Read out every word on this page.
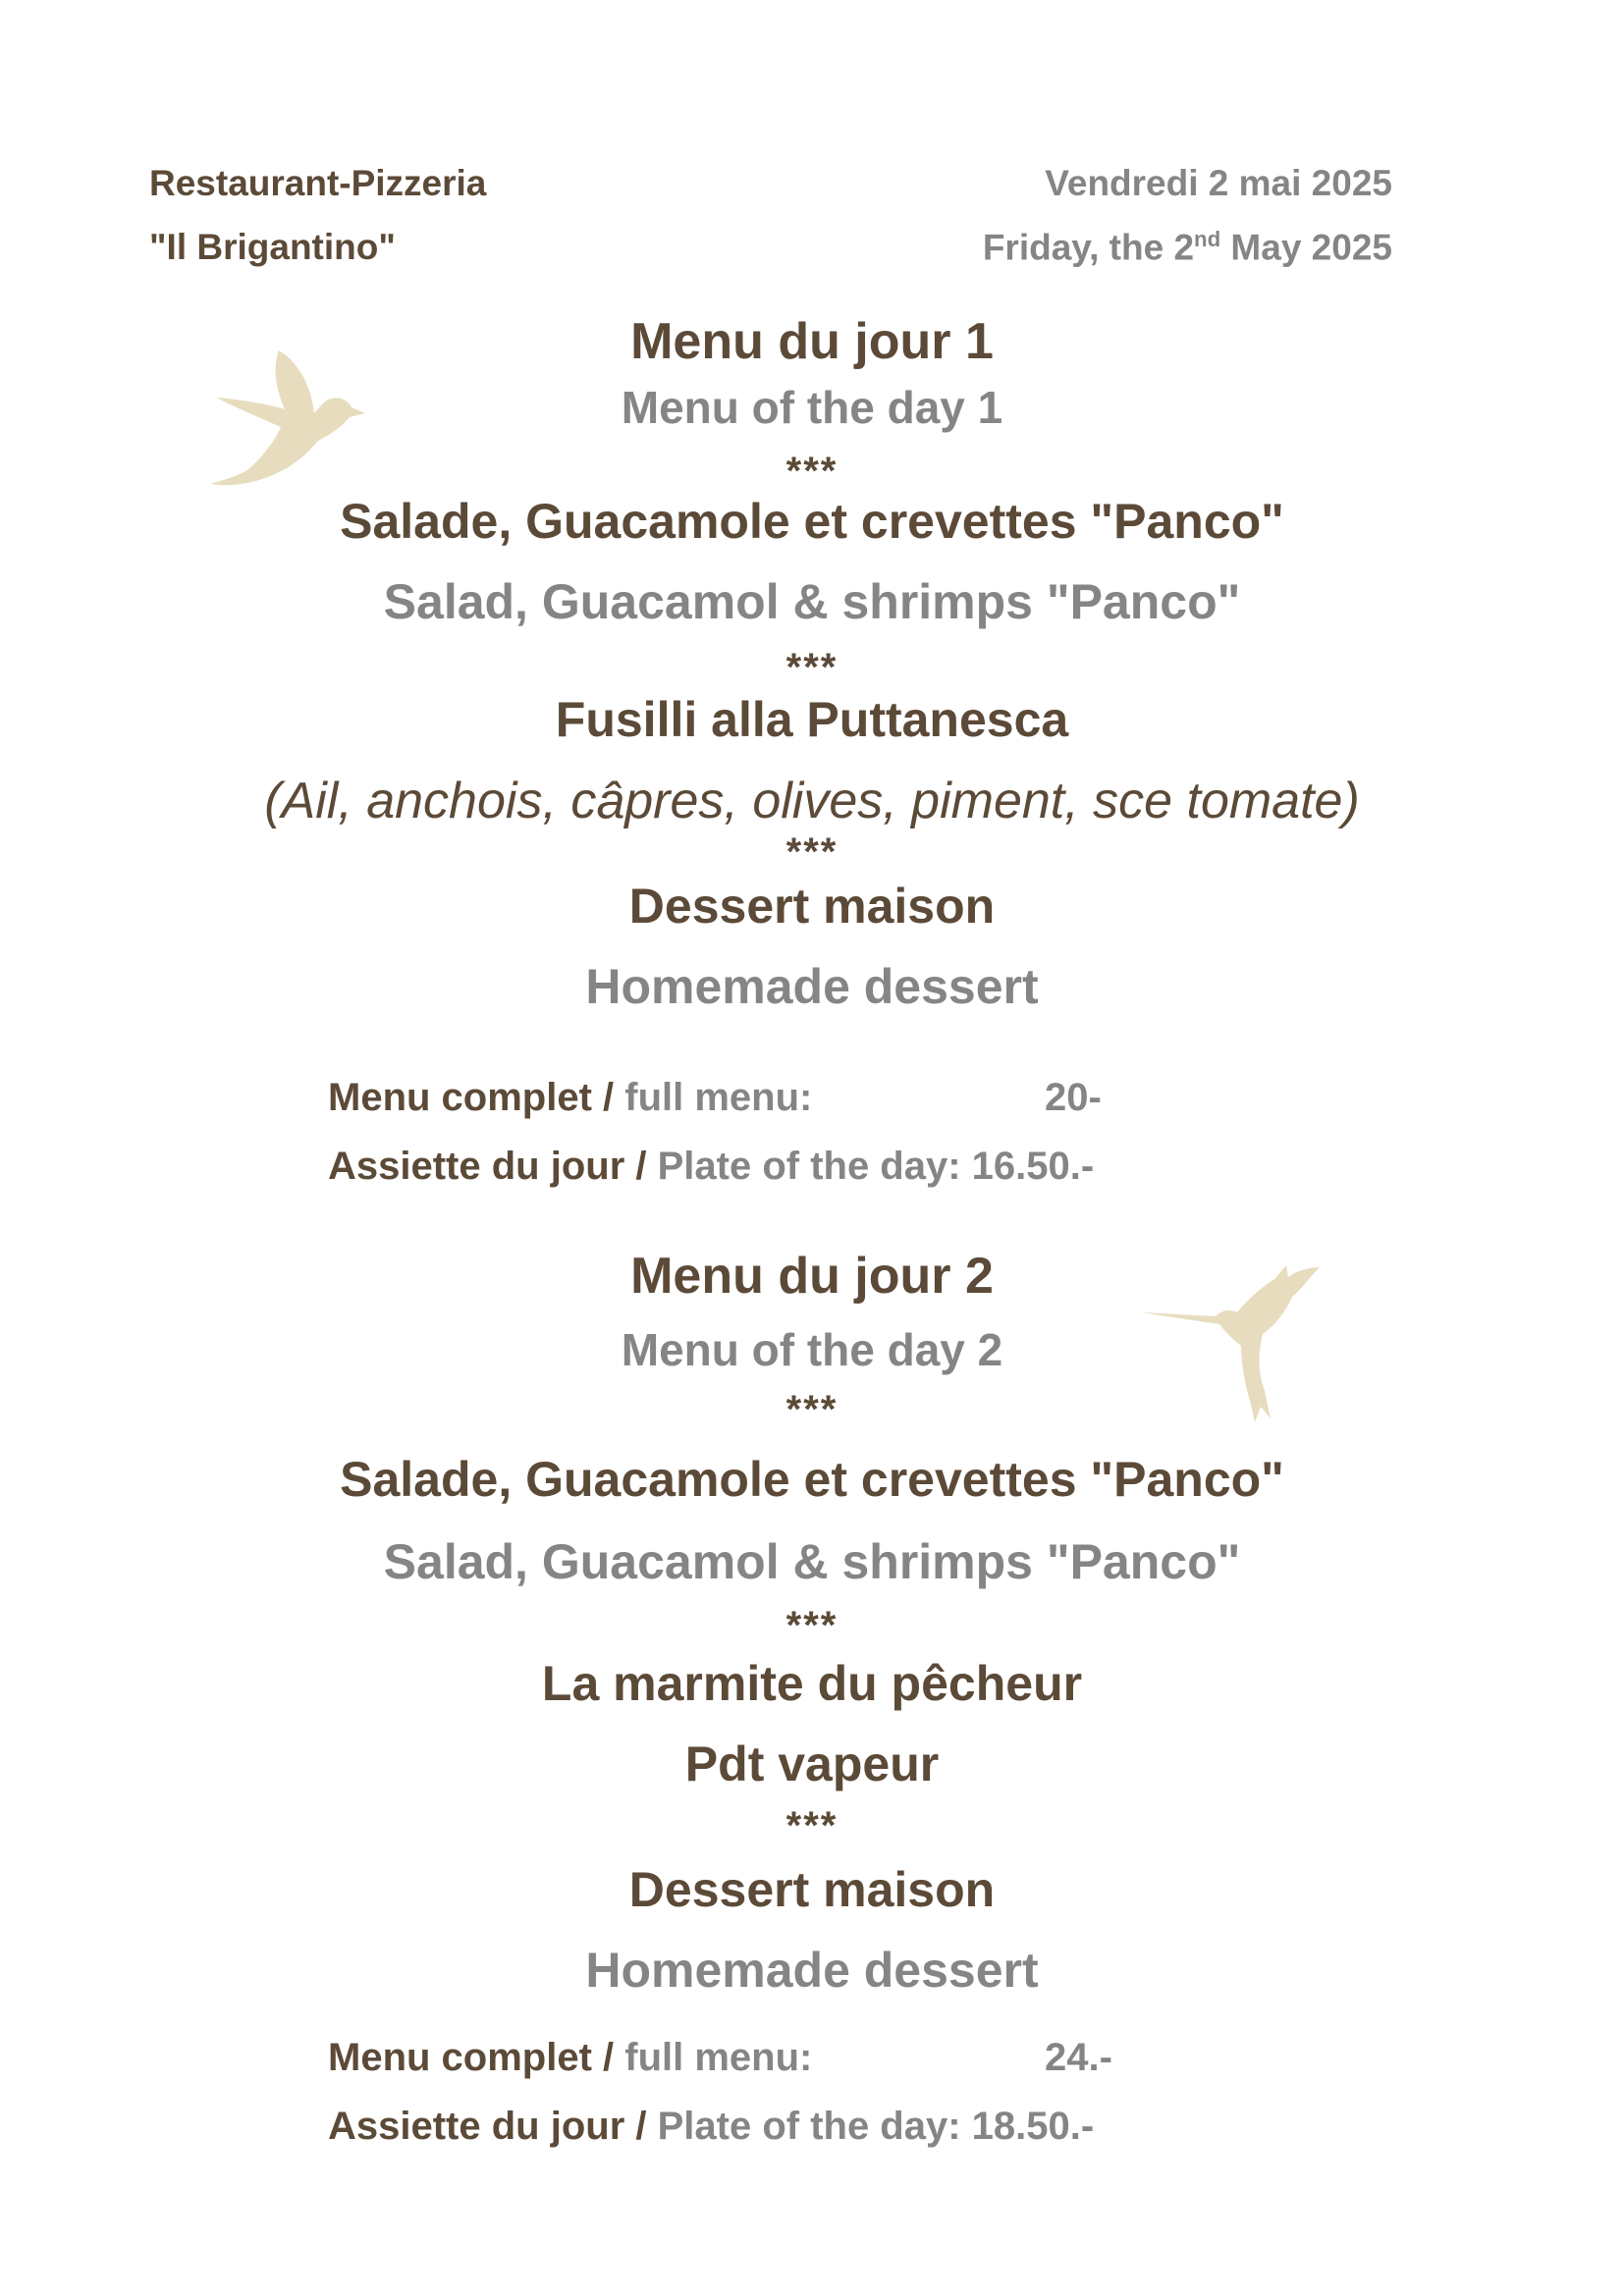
Restaurant-Pizzeria
"Il Brigantino"
Vendredi 2 mai 2025
Friday, the 2nd May 2025
Menu du jour 1
Menu of the day 1
***
Salade, Guacamole et crevettes "Panco"
Salad, Guacamol & shrimps "Panco"
***
Fusilli alla Puttanesca
***
(Ail, anchois, câpres, olives, piment, sce tomate)
Dessert maison
Homemade dessert
Menu complet / full menu:	20-
Assiette du jour / Plate of the day: 16.50.-
Menu du jour 2
Menu of the day 2
***
Salade, Guacamole et crevettes "Panco"
Salad, Guacamol & shrimps "Panco"
***
La marmite du pêcheur
Pdt vapeur
***
Dessert maison
Homemade dessert
Menu complet / full menu:	24.-
Assiette du jour / Plate of the day: 18.50.-
